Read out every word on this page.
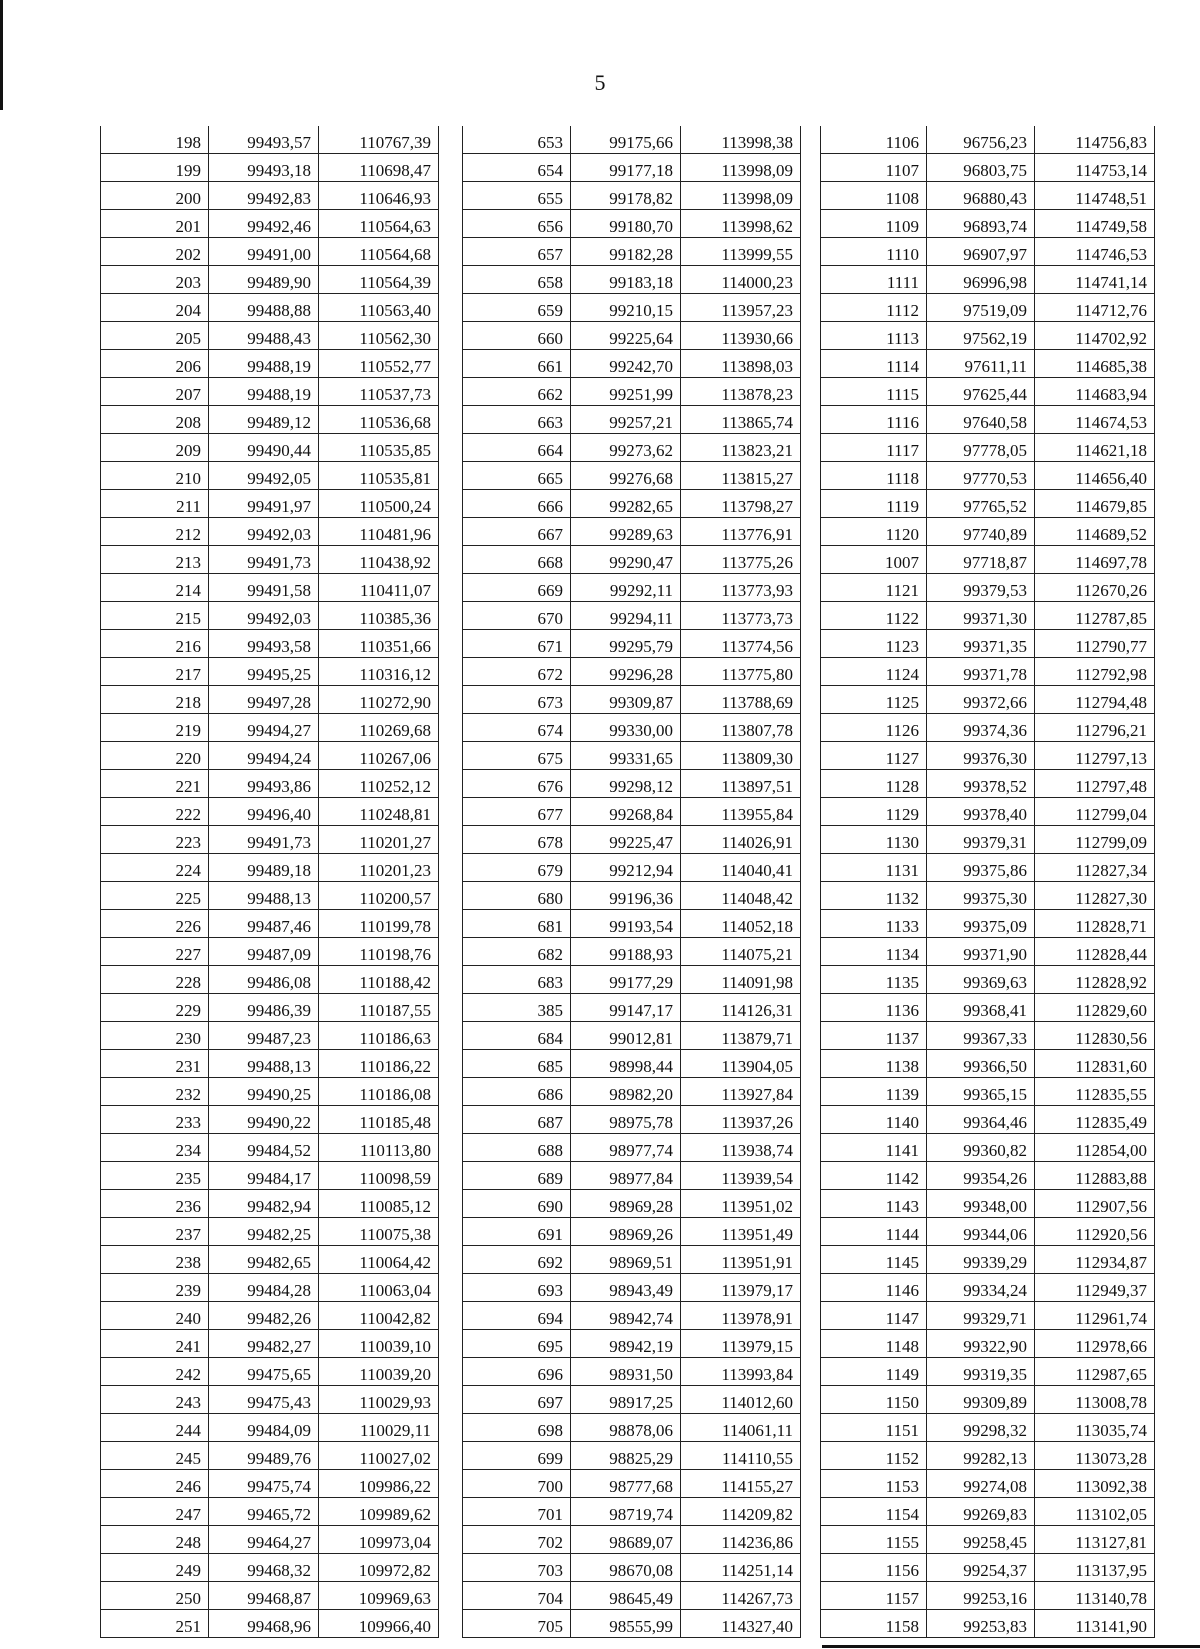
5
198	99493,57	110767,39
199	99493,18	110698,47
200	99492,83	110646,93
201	99492,46	110564,63
202	99491,00	110564,68
203	99489,90	110564,39
204	99488,88	110563,40
205	99488,43	110562,30
206	99488,19	110552,77
207	99488,19	110537,73
208	99489,12	110536,68
209	99490,44	110535,85
210	99492,05	110535,81
211	99491,97	110500,24
212	99492,03	110481,96
213	99491,73	110438,92
214	99491,58	110411,07
215	99492,03	110385,36
216	99493,58	110351,66
217	99495,25	110316,12
218	99497,28	110272,90
219	99494,27	110269,68
220	99494,24	110267,06
221	99493,86	110252,12
222	99496,40	110248,81
223	99491,73	110201,27
224	99489,18	110201,23
225	99488,13	110200,57
226	99487,46	110199,78
227	99487,09	110198,76
228	99486,08	110188,42
229	99486,39	110187,55
230	99487,23	110186,63
231	99488,13	110186,22
232	99490,25	110186,08
233	99490,22	110185,48
234	99484,52	110113,80
235	99484,17	110098,59
236	99482,94	110085,12
237	99482,25	110075,38
238	99482,65	110064,42
239	99484,28	110063,04
240	99482,26	110042,82
241	99482,27	110039,10
242	99475,65	110039,20
243	99475,43	110029,93
244	99484,09	110029,11
245	99489,76	110027,02
246	99475,74	109986,22
247	99465,72	109989,62
248	99464,27	109973,04
249	99468,32	109972,82
250	99468,87	109969,63
251	99468,96	109966,40
653	99175,66	113998,38
654	99177,18	113998,09
655	99178,82	113998,09
656	99180,70	113998,62
657	99182,28	113999,55
658	99183,18	114000,23
659	99210,15	113957,23
660	99225,64	113930,66
661	99242,70	113898,03
662	99251,99	113878,23
663	99257,21	113865,74
664	99273,62	113823,21
665	99276,68	113815,27
666	99282,65	113798,27
667	99289,63	113776,91
668	99290,47	113775,26
669	99292,11	113773,93
670	99294,11	113773,73
671	99295,79	113774,56
672	99296,28	113775,80
673	99309,87	113788,69
674	99330,00	113807,78
675	99331,65	113809,30
676	99298,12	113897,51
677	99268,84	113955,84
678	99225,47	114026,91
679	99212,94	114040,41
680	99196,36	114048,42
681	99193,54	114052,18
682	99188,93	114075,21
683	99177,29	114091,98
385	99147,17	114126,31
684	99012,81	113879,71
685	98998,44	113904,05
686	98982,20	113927,84
687	98975,78	113937,26
688	98977,74	113938,74
689	98977,84	113939,54
690	98969,28	113951,02
691	98969,26	113951,49
692	98969,51	113951,91
693	98943,49	113979,17
694	98942,74	113978,91
695	98942,19	113979,15
696	98931,50	113993,84
697	98917,25	114012,60
698	98878,06	114061,11
699	98825,29	114110,55
700	98777,68	114155,27
701	98719,74	114209,82
702	98689,07	114236,86
703	98670,08	114251,14
704	98645,49	114267,73
705	98555,99	114327,40
1106	96756,23	114756,83
1107	96803,75	114753,14
1108	96880,43	114748,51
1109	96893,74	114749,58
1110	96907,97	114746,53
1111	96996,98	114741,14
1112	97519,09	114712,76
1113	97562,19	114702,92
1114	97611,11	114685,38
1115	97625,44	114683,94
1116	97640,58	114674,53
1117	97778,05	114621,18
1118	97770,53	114656,40
1119	97765,52	114679,85
1120	97740,89	114689,52
1007	97718,87	114697,78
1121	99379,53	112670,26
1122	99371,30	112787,85
1123	99371,35	112790,77
1124	99371,78	112792,98
1125	99372,66	112794,48
1126	99374,36	112796,21
1127	99376,30	112797,13
1128	99378,52	112797,48
1129	99378,40	112799,04
1130	99379,31	112799,09
1131	99375,86	112827,34
1132	99375,30	112827,30
1133	99375,09	112828,71
1134	99371,90	112828,44
1135	99369,63	112828,92
1136	99368,41	112829,60
1137	99367,33	112830,56
1138	99366,50	112831,60
1139	99365,15	112835,55
1140	99364,46	112835,49
1141	99360,82	112854,00
1142	99354,26	112883,88
1143	99348,00	112907,56
1144	99344,06	112920,56
1145	99339,29	112934,87
1146	99334,24	112949,37
1147	99329,71	112961,74
1148	99322,90	112978,66
1149	99319,35	112987,65
1150	99309,89	113008,78
1151	99298,32	113035,74
1152	99282,13	113073,28
1153	99274,08	113092,38
1154	99269,83	113102,05
1155	99258,45	113127,81
1156	99254,37	113137,95
1157	99253,16	113140,78
1158	99253,83	113141,90
